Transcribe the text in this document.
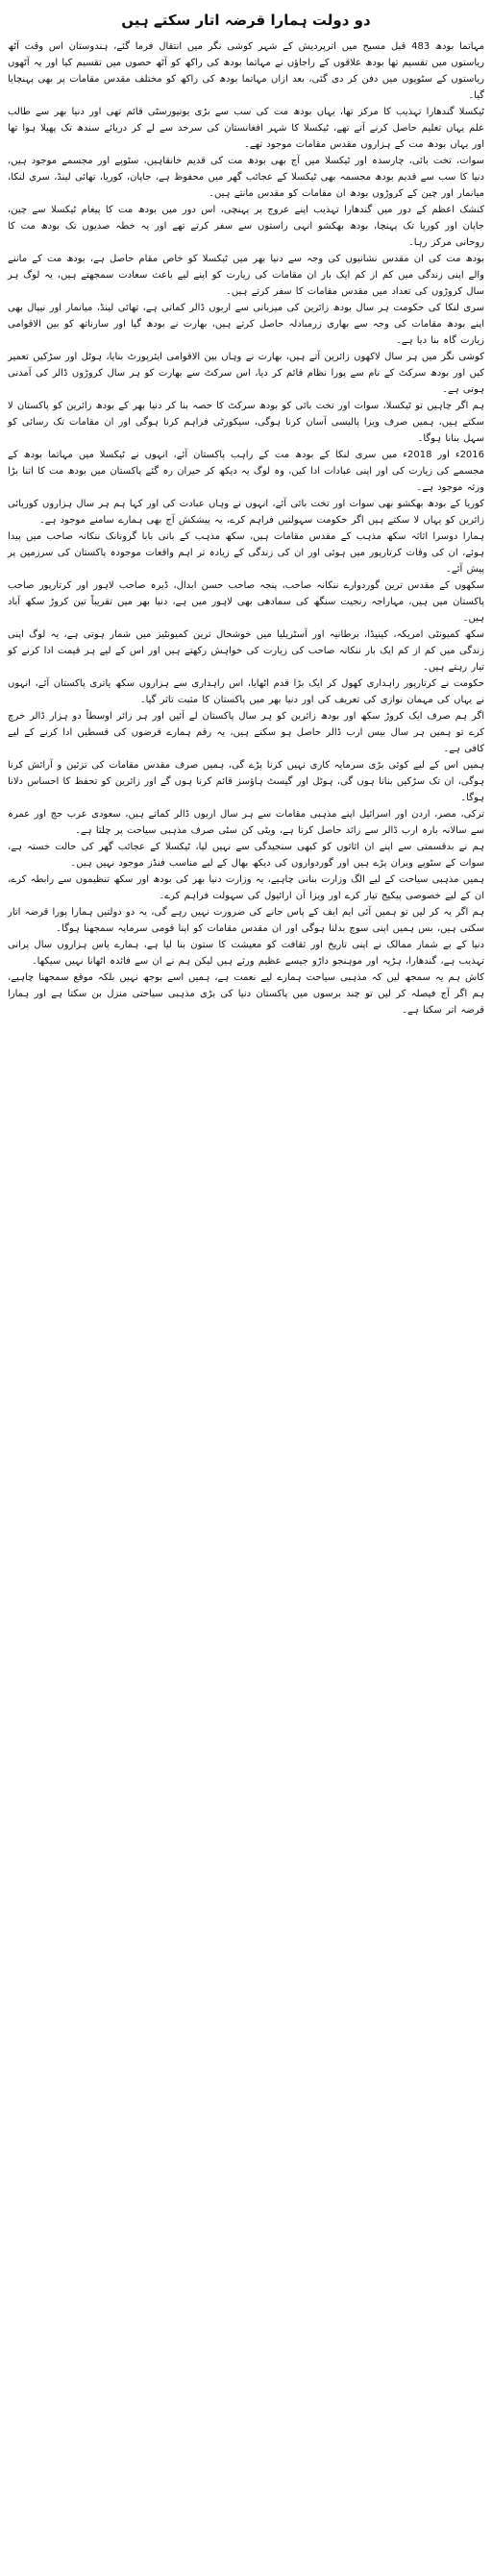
دو دولت ہمارا قرضہ اتار سکتے ہیں

مہاتما بودھ 483 قبل مسیح میں اترپردیش کے شہر کوشی نگر میں انتقال فرما گئے، ہندوستان اس وقت آٹھ ریاستوں میں تقسیم تھا بودھ علاقوں کے راجاؤں نے مہاتما بودھ کی راکھ کو آٹھ حصوں میں تقسیم کیا اور یہ آٹھوں ریاستوں کے سٹوپوں میں دفن کر دی گئی، بعد ازاں مہاتما بودھ کی راکھ کو مختلف مقدس مقامات پر بھی پہنچایا گیا۔

ٹیکسلا گندھارا تہذیب کا مرکز تھا، یہاں بودھ مت کی سب سے بڑی یونیورسٹی قائم تھی اور دنیا بھر سے طالب علم یہاں تعلیم حاصل کرنے آتے تھے، ٹیکسلا کا شہر افغانستان کی سرحد سے لے کر دریائے سندھ تک پھیلا ہوا تھا اور یہاں بودھ مت کے ہزاروں مقدس مقامات موجود تھے۔

سوات، تخت بائی، چارسدہ اور ٹیکسلا میں آج بھی بودھ مت کی قدیم خانقاہیں، سٹوپے اور مجسمے موجود ہیں، دنیا کا سب سے قدیم بودھ مجسمہ بھی ٹیکسلا کے عجائب گھر میں محفوظ ہے، جاپان، کوریا، تھائی لینڈ، سری لنکا، میانمار اور چین کے کروڑوں بودھ ان مقامات کو مقدس مانتے ہیں۔

کنشک اعظم کے دور میں گندھارا تہذیب اپنے عروج پر پہنچی، اس دور میں بودھ مت کا پیغام ٹیکسلا سے چین، جاپان اور کوریا تک پہنچا، بودھ بھکشو انہی راستوں سے سفر کرتے تھے اور یہ خطہ صدیوں تک بودھ مت کا روحانی مرکز رہا۔

بودھ مت کی ان مقدس نشانیوں کی وجہ سے دنیا بھر میں ٹیکسلا کو خاص مقام حاصل ہے، بودھ مت کے ماننے والے اپنی زندگی میں کم از کم ایک بار ان مقامات کی زیارت کو اپنے لیے باعث سعادت سمجھتے ہیں، یہ لوگ ہر سال کروڑوں کی تعداد میں مقدس مقامات کا سفر کرتے ہیں۔

سری لنکا کی حکومت ہر سال بودھ زائرین کی میزبانی سے اربوں ڈالر کماتی ہے، تھائی لینڈ، میانمار اور نیپال بھی اپنے بودھ مقامات کی وجہ سے بھاری زرمبادلہ حاصل کرتے ہیں، بھارت نے بودھ گیا اور سارناتھ کو بین الاقوامی زیارت گاہ بنا دیا ہے۔

کوشی نگر میں ہر سال لاکھوں زائرین آتے ہیں، بھارت نے وہاں بین الاقوامی ایئرپورٹ بنایا، ہوٹل اور سڑکیں تعمیر کیں اور بودھ سرکٹ کے نام سے پورا نظام قائم کر دیا، اس سرکٹ سے بھارت کو ہر سال کروڑوں ڈالر کی آمدنی ہوتی ہے۔

ہم اگر چاہیں تو ٹیکسلا، سوات اور تخت بائی کو بودھ سرکٹ کا حصہ بنا کر دنیا بھر کے بودھ زائرین کو پاکستان لا سکتے ہیں، ہمیں صرف ویزا پالیسی آسان کرنا ہوگی، سیکورٹی فراہم کرنا ہوگی اور ان مقامات تک رسائی کو سہل بنانا ہوگا۔

2016ء اور 2018ء میں سری لنکا کے بودھ مت کے راہب پاکستان آئے، انہوں نے ٹیکسلا میں مہاتما بودھ کے مجسمے کی زیارت کی اور اپنی عبادات ادا کیں، وہ لوگ یہ دیکھ کر حیران رہ گئے پاکستان میں بودھ مت کا اتنا بڑا ورثہ موجود ہے۔

کوریا کے بودھ بھکشو بھی سوات اور تخت بائی آئے، انہوں نے وہاں عبادت کی اور کہا ہم ہر سال ہزاروں کوریائی زائرین کو یہاں لا سکتے ہیں اگر حکومت سہولتیں فراہم کرے، یہ پیشکش آج بھی ہمارے سامنے موجود ہے۔

ہمارا دوسرا اثاثہ سکھ مذہب کے مقدس مقامات ہیں، سکھ مذہب کے بانی بابا گرونانک ننکانہ صاحب میں پیدا ہوئے، ان کی وفات کرتارپور میں ہوئی اور ان کی زندگی کے زیادہ تر اہم واقعات موجودہ پاکستان کی سرزمین پر پیش آئے۔

سکھوں کے مقدس ترین گوردوارے ننکانہ صاحب، پنجہ صاحب حسن ابدال، ڈیرہ صاحب لاہور اور کرتارپور صاحب پاکستان میں ہیں، مہاراجہ رنجیت سنگھ کی سمادھی بھی لاہور میں ہے، دنیا بھر میں تقریباً تین کروڑ سکھ آباد ہیں۔

سکھ کمیونٹی امریکہ، کینیڈا، برطانیہ اور آسٹریلیا میں خوشحال ترین کمیونٹیز میں شمار ہوتی ہے، یہ لوگ اپنی زندگی میں کم از کم ایک بار ننکانہ صاحب کی زیارت کی خواہش رکھتے ہیں اور اس کے لیے ہر قیمت ادا کرنے کو تیار رہتے ہیں۔

حکومت نے کرتارپور راہداری کھول کر ایک بڑا قدم اٹھایا، اس راہداری سے ہزاروں سکھ یاتری پاکستان آئے، انہوں نے یہاں کی مہمان نوازی کی تعریف کی اور دنیا بھر میں پاکستان کا مثبت تاثر گیا۔

اگر ہم صرف ایک کروڑ سکھ اور بودھ زائرین کو ہر سال پاکستان لے آئیں اور ہر زائر اوسطاً دو ہزار ڈالر خرچ کرے تو ہمیں ہر سال بیس ارب ڈالر حاصل ہو سکتے ہیں، یہ رقم ہمارے قرضوں کی قسطیں ادا کرنے کے لیے کافی ہے۔

ہمیں اس کے لیے کوئی بڑی سرمایہ کاری نہیں کرنا پڑے گی، ہمیں صرف مقدس مقامات کی تزئین و آرائش کرنا ہوگی، ان تک سڑکیں بنانا ہوں گی، ہوٹل اور گیسٹ ہاؤسز قائم کرنا ہوں گے اور زائرین کو تحفظ کا احساس دلانا ہوگا۔

ترکی، مصر، اردن اور اسرائیل اپنے مذہبی مقامات سے ہر سال اربوں ڈالر کماتے ہیں، سعودی عرب حج اور عمرہ سے سالانہ بارہ ارب ڈالر سے زائد حاصل کرتا ہے، ویٹی کن سٹی صرف مذہبی سیاحت پر چلتا ہے۔

ہم نے بدقسمتی سے اپنے ان اثاثوں کو کبھی سنجیدگی سے نہیں لیا، ٹیکسلا کے عجائب گھر کی حالت خستہ ہے، سوات کے سٹوپے ویران پڑے ہیں اور گوردواروں کی دیکھ بھال کے لیے مناسب فنڈز موجود نہیں ہیں۔

ہمیں مذہبی سیاحت کے لیے الگ وزارت بنانی چاہیے، یہ وزارت دنیا بھر کی بودھ اور سکھ تنظیموں سے رابطہ کرے، ان کے لیے خصوصی پیکیج تیار کرے اور ویزا آن ارائیول کی سہولت فراہم کرے۔

ہم اگر یہ کر لیں تو ہمیں آئی ایم ایف کے پاس جانے کی ضرورت نہیں رہے گی، یہ دو دولتیں ہمارا پورا قرضہ اتار سکتی ہیں، بس ہمیں اپنی سوچ بدلنا ہوگی اور ان مقدس مقامات کو اپنا قومی سرمایہ سمجھنا ہوگا۔

دنیا کے بے شمار ممالک نے اپنی تاریخ اور ثقافت کو معیشت کا ستون بنا لیا ہے، ہمارے پاس ہزاروں سال پرانی تہذیب ہے، گندھارا، ہڑپہ اور موہنجو داڑو جیسے عظیم ورثے ہیں لیکن ہم نے ان سے فائدہ اٹھانا نہیں سیکھا۔

کاش ہم یہ سمجھ لیں کہ مذہبی سیاحت ہمارے لیے نعمت ہے، ہمیں اسے بوجھ نہیں بلکہ موقع سمجھنا چاہیے، ہم اگر آج فیصلہ کر لیں تو چند برسوں میں پاکستان دنیا کی بڑی مذہبی سیاحتی منزل بن سکتا ہے اور ہمارا قرضہ اتر سکتا ہے۔
